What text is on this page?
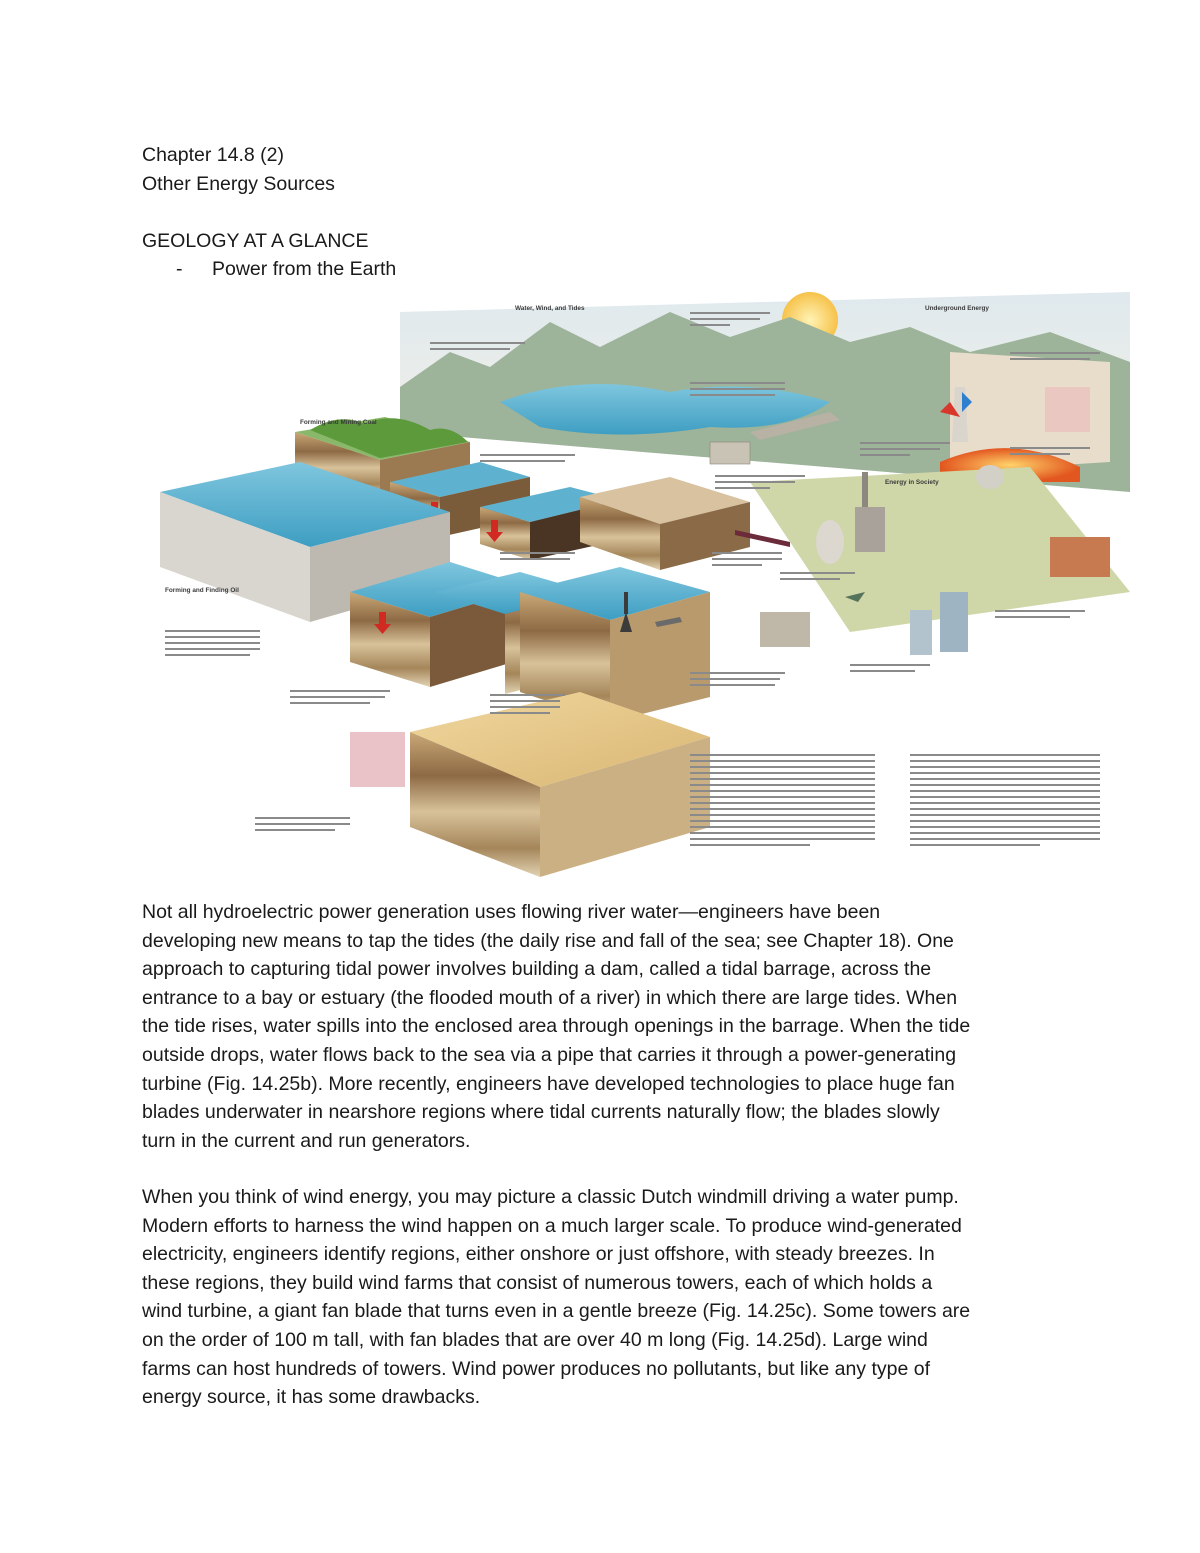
Chapter 14.8 (2)
Other Energy Sources
GEOLOGY AT A GLANCE
- Power from the Earth
Water, Wind, and Tides	Underground Energy
Forming and Mining Coal
Energy in Society
Forming and Finding Oil
Not all hydroelectric power generation uses flowing river water—engineers have been
developing new means to tap the tides (the daily rise and fall of the sea; see Chapter 18). One
approach to capturing tidal power involves building a dam, called a tidal barrage, across the
entrance to a bay or estuary (the flooded mouth of a river) in which there are large tides. When
the tide rises, water spills into the enclosed area through openings in the barrage. When the tide
outside drops, water flows back to the sea via a pipe that carries it through a power-generating
turbine (Fig. 14.25b). More recently, engineers have developed technologies to place huge fan
blades underwater in nearshore regions where tidal currents naturally flow; the blades slowly
turn in the current and run generators.
When you think of wind energy, you may picture a classic Dutch windmill driving a water pump.
Modern efforts to harness the wind happen on a much larger scale. To produce wind-generated
electricity, engineers identify regions, either onshore or just offshore, with steady breezes. In
these regions, they build wind farms that consist of numerous towers, each of which holds a
wind turbine, a giant fan blade that turns even in a gentle breeze (Fig. 14.25c). Some towers are
on the order of 100 m tall, with fan blades that are over 40 m long (Fig. 14.25d). Large wind
farms can host hundreds of towers. Wind power produces no pollutants, but like any type of
energy source, it has some drawbacks.
